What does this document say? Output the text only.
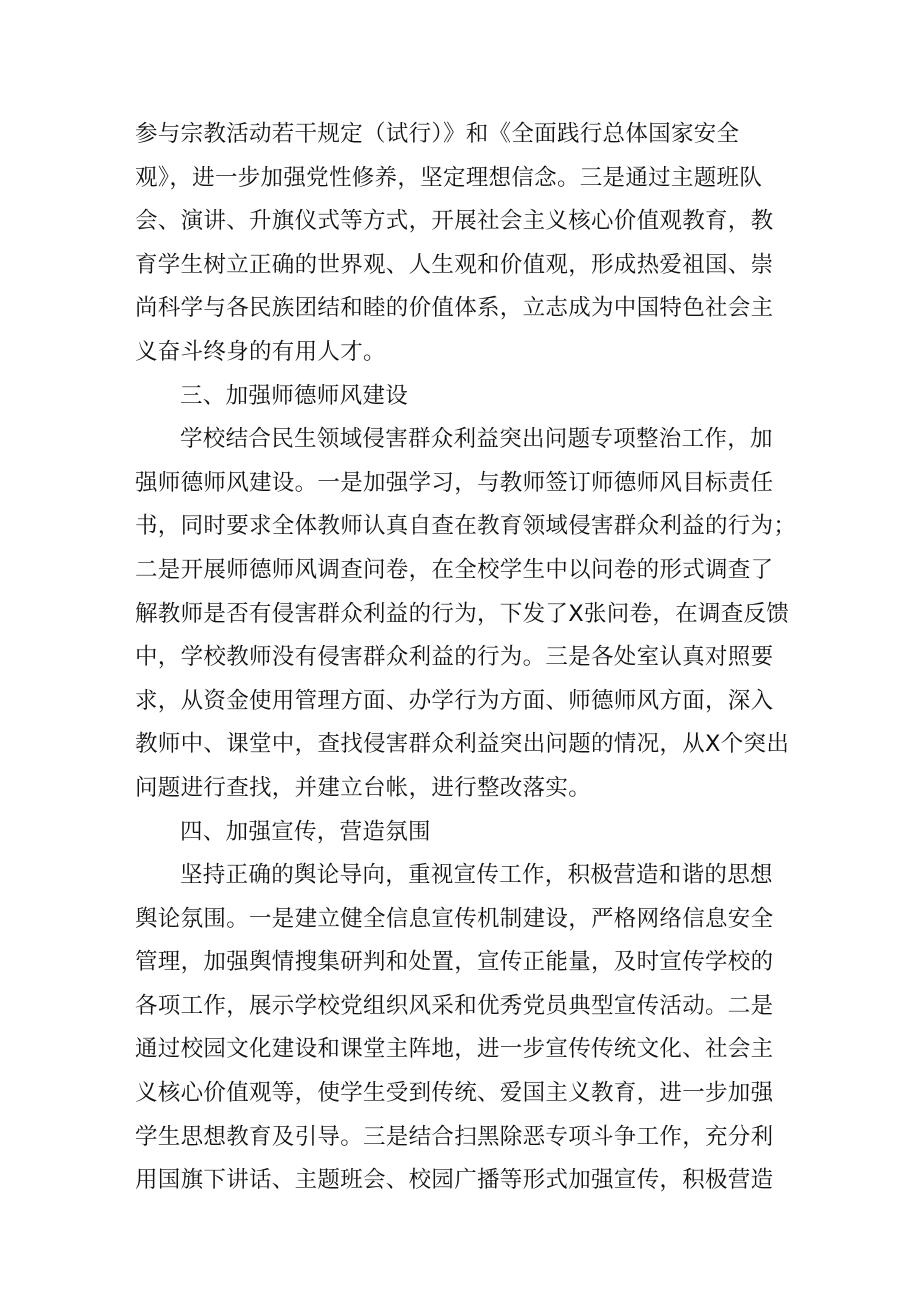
参与宗教活动若干规定（试行）》和《全面践行总体国家安全
观》，进一步加强党性修养，坚定理想信念。三是通过主题班队
会、演讲、升旗仪式等方式，开展社会主义核心价值观教育，教
育学生树立正确的世界观、人生观和价值观，形成热爱祖国、崇
尚科学与各民族团结和睦的价值体系，立志成为中国特色社会主
义奋斗终身的有用人才。
三、加强师德师风建设
学校结合民生领域侵害群众利益突出问题专项整治工作，加
强师德师风建设。一是加强学习，与教师签订师德师风目标责任
书，同时要求全体教师认真自查在教育领域侵害群众利益的行为；
二是开展师德师风调查问卷，在全校学生中以问卷的形式调查了
解教师是否有侵害群众利益的行为，下发了X张问卷，在调查反馈
中，学校教师没有侵害群众利益的行为。三是各处室认真对照要
求，从资金使用管理方面、办学行为方面、师德师风方面，深入
教师中、课堂中，查找侵害群众利益突出问题的情况，从X个突出
问题进行查找，并建立台帐，进行整改落实。
四、加强宣传，营造氛围
坚持正确的舆论导向，重视宣传工作，积极营造和谐的思想
舆论氛围。一是建立健全信息宣传机制建设，严格网络信息安全
管理，加强舆情搜集研判和处置，宣传正能量，及时宣传学校的
各项工作，展示学校党组织风采和优秀党员典型宣传活动。二是
通过校园文化建设和课堂主阵地，进一步宣传传统文化、社会主
义核心价值观等，使学生受到传统、爱国主义教育，进一步加强
学生思想教育及引导。三是结合扫黑除恶专项斗争工作，充分利
用国旗下讲话、主题班会、校园广播等形式加强宣传，积极营造
